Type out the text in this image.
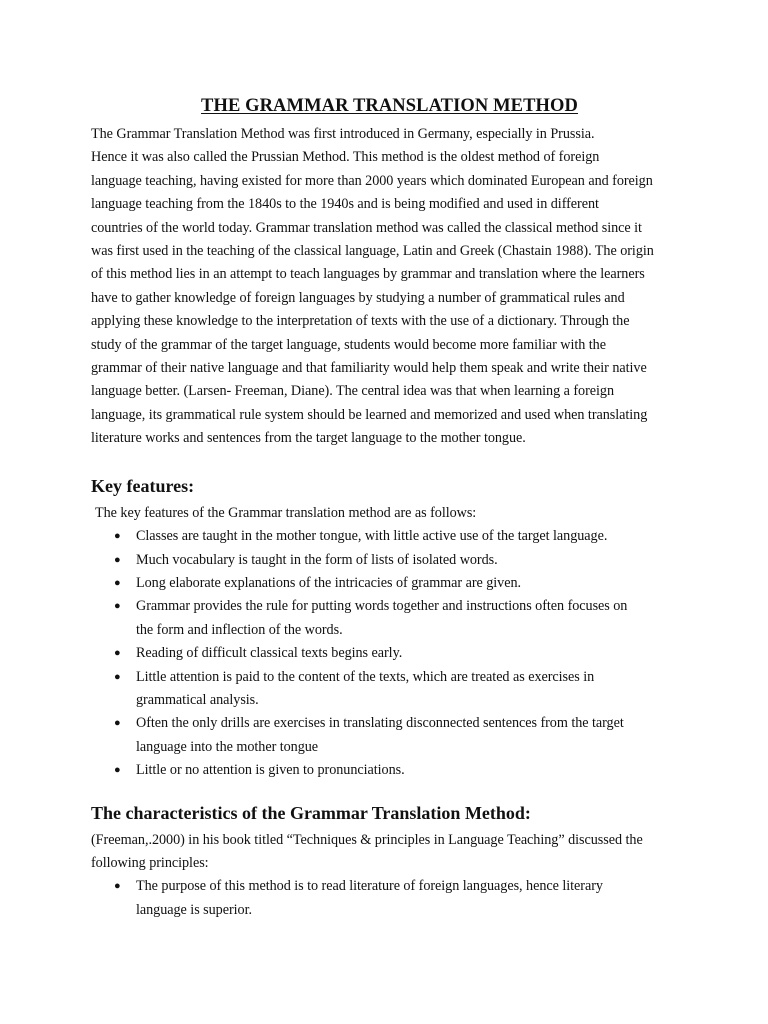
THE GRAMMAR TRANSLATION METHOD
The Grammar Translation Method was first introduced in Germany, especially in Prussia.
Hence it was also called the Prussian Method. This method is the oldest method of foreign
language teaching, having existed for more than 2000 years which dominated European and foreign
language teaching from the 1840s to the 1940s and is being modified and used in different
countries of the world today. Grammar translation method was called the classical method since it
was first used in the teaching of the classical language, Latin and Greek (Chastain 1988). The origin
of this method lies in an attempt to teach languages by grammar and translation where the learners
have to gather knowledge of foreign languages by studying a number of grammatical rules and
applying these knowledge to the interpretation of texts with the use of a dictionary. Through the
study of the grammar of the target language, students would become more familiar with the
grammar of their native language and that familiarity would help them speak and write their native
language better. (Larsen- Freeman, Diane). The central idea was that when learning a foreign
language, its grammatical rule system should be learned and memorized and used when translating
literature works and sentences from the target language to the mother tongue.
Key features:
The key features of the Grammar translation method are as follows:
● Classes are taught in the mother tongue, with little active use of the target language.
● Much vocabulary is taught in the form of lists of isolated words.
● Long elaborate explanations of the intricacies of grammar are given.
● Grammar provides the rule for putting words together and instructions often focuses on
the form and inflection of the words.
● Reading of difficult classical texts begins early.
● Little attention is paid to the content of the texts, which are treated as exercises in
grammatical analysis.
● Often the only drills are exercises in translating disconnected sentences from the target
language into the mother tongue
● Little or no attention is given to pronunciations.
The characteristics of the Grammar Translation Method:
(Freeman,.2000) in his book titled “Techniques & principles in Language Teaching” discussed the
following principles:
● The purpose of this method is to read literature of foreign languages, hence literary
language is superior.
